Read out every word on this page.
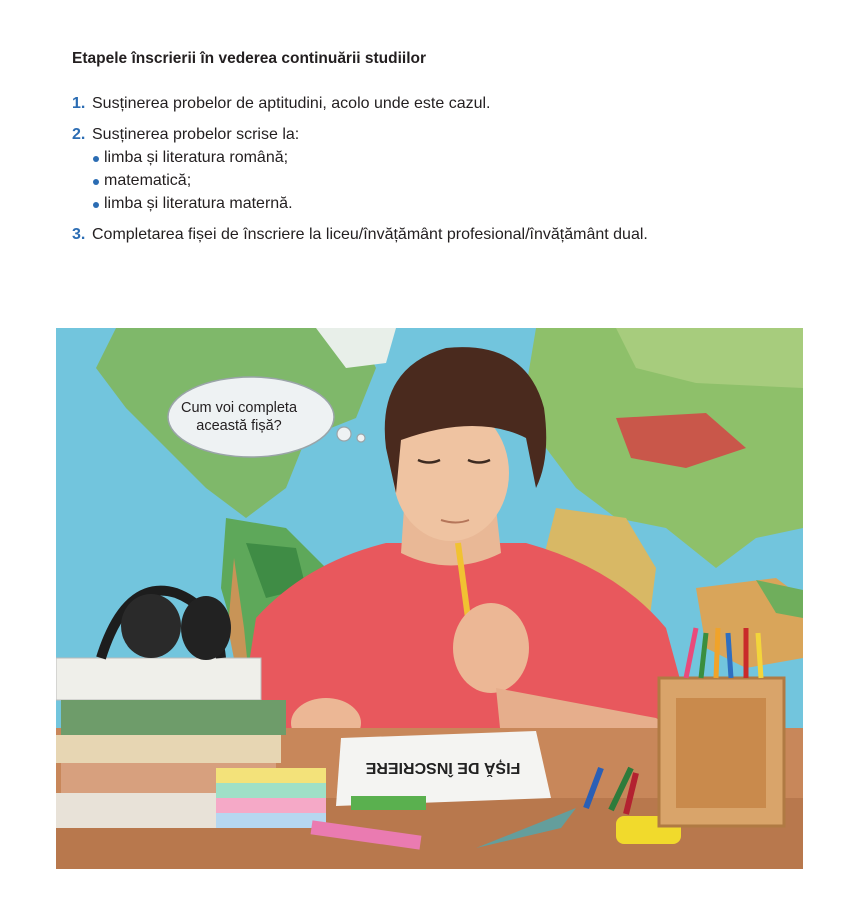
Etapele înscrierii în vederea continuării studiilor

1. Susținerea probelor de aptitudini, acolo unde este cazul.
2. Susținerea probelor scrise la:
limba și literatura română;
matematică;
limba și literatura maternă.
3. Completarea fișei de înscriere la liceu/învățământ profesional/învățământ dual.
FIȘĂ DE ÎNSCRIERE
Cum voi completa
această fișă?
